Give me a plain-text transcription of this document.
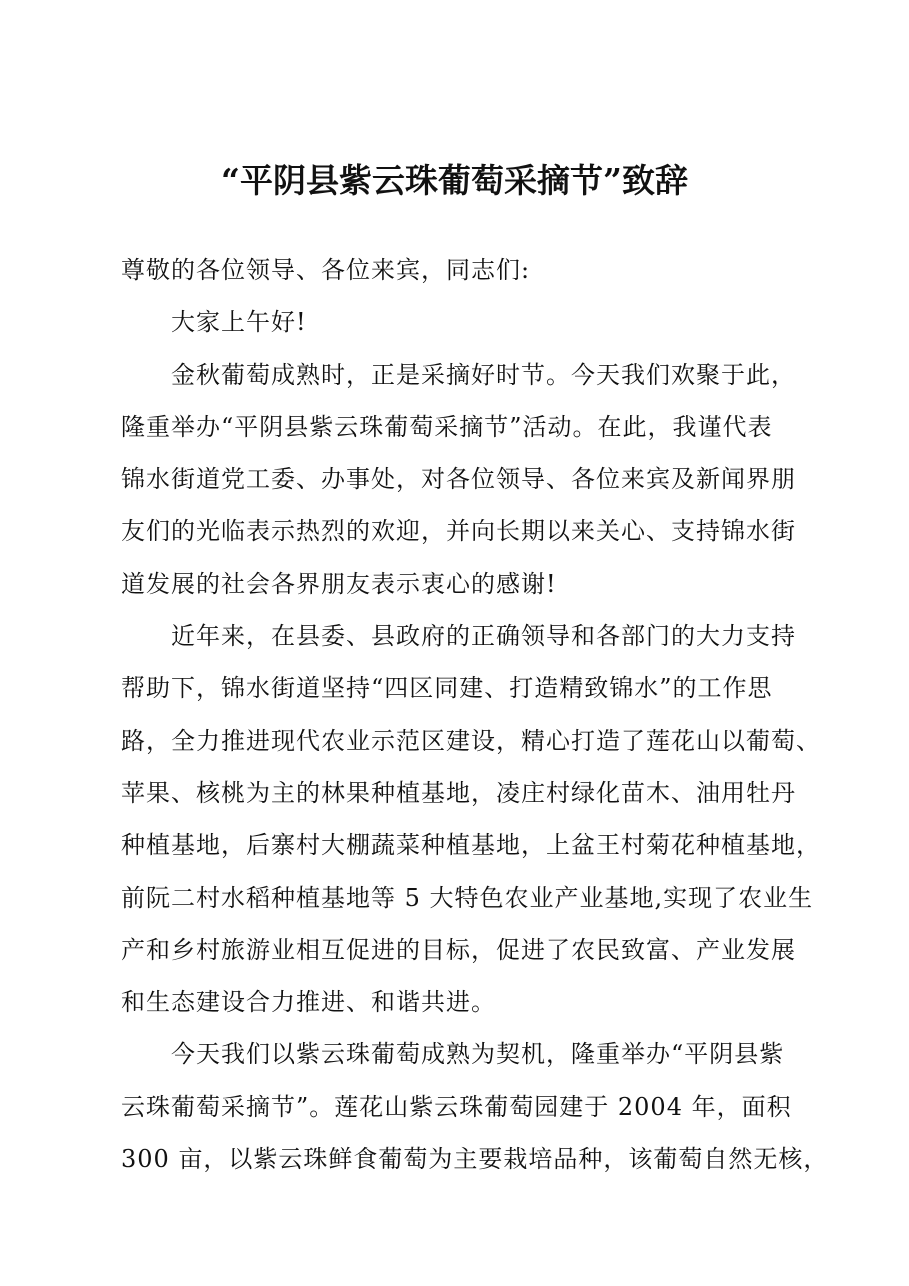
“平阴县紫云珠葡萄采摘节”致辞
尊敬的各位领导、各位来宾，同志们:
大家上午好!
金秋葡萄成熟时，正是采摘好时节。今天我们欢聚于此，
隆重举办“平阴县紫云珠葡萄采摘节”活动。在此，我谨代表
锦水街道党工委、办事处，对各位领导、各位来宾及新闻界朋
友们的光临表示热烈的欢迎，并向长期以来关心、支持锦水街
道发展的社会各界朋友表示衷心的感谢!
近年来，在县委、县政府的正确领导和各部门的大力支持
帮助下，锦水街道坚持“四区同建、打造精致锦水”的工作思
路，全力推进现代农业示范区建设，精心打造了莲花山以葡萄、
苹果、核桃为主的林果种植基地，凌庄村绿化苗木、油用牡丹
种植基地，后寨村大棚蔬菜种植基地，上盆王村菊花种植基地，
前阮二村水稻种植基地等 5 大特色农业产业基地,实现了农业生
产和乡村旅游业相互促进的目标，促进了农民致富、产业发展
和生态建设合力推进、和谐共进。
今天我们以紫云珠葡萄成熟为契机，隆重举办“平阴县紫
云珠葡萄采摘节”。莲花山紫云珠葡萄园建于 2004 年，面积
300 亩，以紫云珠鲜食葡萄为主要栽培品种，该葡萄自然无核，
